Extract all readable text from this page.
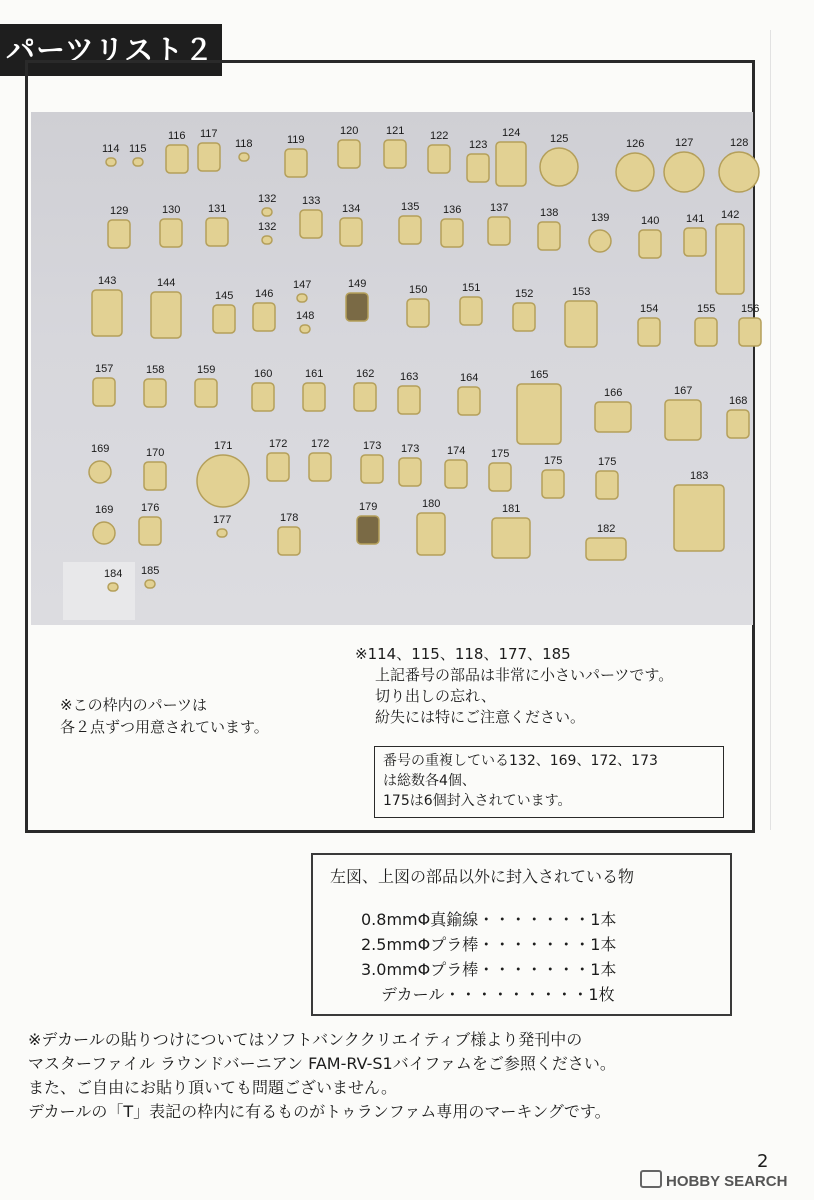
パーツリスト２
114 115
116 117
118	119
120	121 122
123
124	125	126	127	128
129	130	131
132
132
133
134	135 136	137	138	139	140 141 142
143	144
145 146
147
148
149	150	151	152	153
154	155 156
157	158	159	160	161	162 163	164	165
166	167
168
169	170
171	172 172	173 173	174 175
175	175
183
169	176
177	178
179	180	181
182
184 185
※この枠内のパーツは
各２点ずつ用意されています。
※114、115、118、177、185
上記番号の部品は非常に小さいパーツです。
切り出しの忘れ、
紛失には特にご注意ください。
番号の重複している132、169、172、173
は総数各4個、
175は6個封入されています。
左図、上図の部品以外に封入されている物
0.8mmΦ真鍮線・・・・・・・1本
2.5mmΦプラ棒・・・・・・・1本
3.0mmΦプラ棒・・・・・・・1本
デカール・・・・・・・・・1枚
※デカールの貼りつけについてはソフトバンククリエイティブ様より発刊中の
マスターファイル ラウンドバーニアン FAM-RV-S1バイファムをご参照ください。
また、ご自由にお貼り頂いても問題ございません。
デカールの「T」表記の枠内に有るものがトゥランファム専用のマーキングです。
2
HOBBY SEARCH
